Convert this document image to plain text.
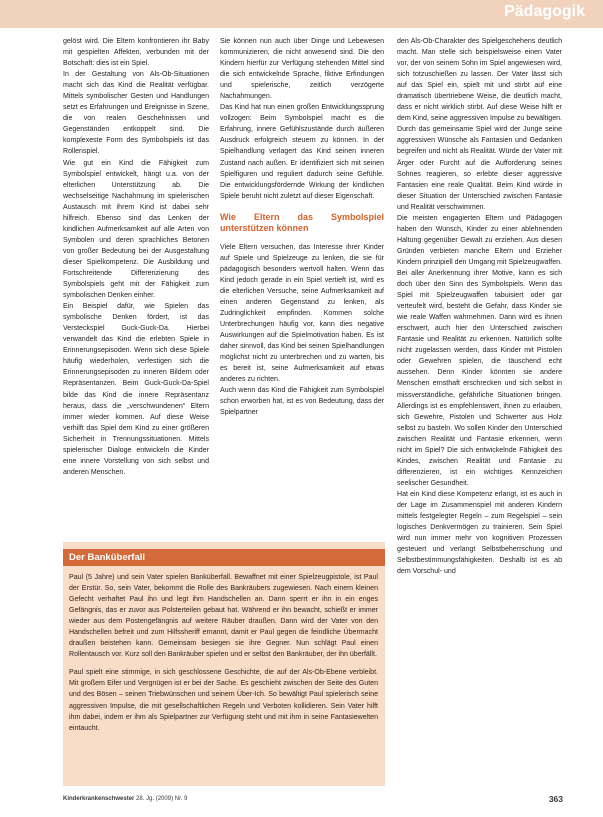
Pädagogik

gelöst wird. Die Eltern konfrontieren ihr Baby mit gespielten Affekten, verbunden mit der Botschaft: dies ist ein Spiel.

In der Gestaltung von Als-Ob-Situationen macht sich das Kind die Realität verfügbar. Mittels symbolischer Gesten und Handlungen setzt es Erfahrungen und Ereignisse in Szene, die von realen Geschehnissen und Gegenständen entkoppelt sind. Die komplexeste Form des Symbolspiels ist das Rollenspiel.

Wie gut ein Kind die Fähigkeit zum Symbolspiel entwickelt, hängt u.a. von der elterlichen Unterstützung ab. Die wechselseitige Nachahmung im spielerischen Austausch mit ihrem Kind ist dabei sehr hilfreich. Ebenso sind das Lenken der kindlichen Aufmerksamkeit auf alle Arten von Symbolen und deren sprachliches Betonen von großer Bedeutung bei der Ausgestaltung dieser Spielkompetenz. Die Ausbildung und Fortschreitende Differenzierung des Symbolspiels geht mit der Fähigkeit zum symbolischen Denken einher.

Ein Beispiel dafür, wie Spielen das symbolische Denken fördert, ist das Versteckspiel Guck-Guck-Da. Hierbei verwandelt das Kind die erlebten Spiele in Erinnerungsepisoden. Wenn sich diese Spiele häufig wiederholen, verfestigen sich die Erinnerungsepisoden zu inneren Bildern oder Repräsentanzen. Beim Guck-Guck-Da-Spiel bilde das Kind die innere Repräsentanz heraus, dass die „verschwundenen“ Eltern immer wieder kommen. Auf diese Weise verhilft das Spiel dem Kind zu einer größeren Sicherheit in Trennungssituationen. Mittels spielerischer Dialoge entwickeln die Kinder eine innere Vorstellung von sich selbst und anderen Menschen.

Sie können nun auch über Dinge und Lebewesen kommunizieren, die nicht anwesend sind. Die den Kindern hierfür zur Verfügung stehenden Mittel sind die sich entwickelnde Sprache, fiktive Erfindungen und spielerische, zeitlich verzögerte Nachahmungen.

Das Kind hat nun einen großen Entwicklungssprung vollzogen: Beim Symbolspiel macht es die Erfahrung, innere Gefühlszustände durch äußeren Ausdruck erfolgreich steuern zu können. In der Spielhandlung verlagert das Kind seinen inneren Zustand nach außen. Er identifiziert sich mit seinen Spielfiguren und reguliert dadurch seine Gefühle. Die entwicklungsfördernde Wirkung der kindlichen Spiele beruht nicht zuletzt auf dieser Eigenschaft.

Wie Eltern das Symbolspiel unterstützen können

Viele Eltern versuchen, das Interesse ihrer Kinder auf Spiele und Spielzeuge zu lenken, die sie für pädagogisch besonders wertvoll halten. Wenn das Kind jedoch gerade in ein Spiel vertieft ist, wird es die elterlichen Versuche, seine Aufmerksamkeit auf einen anderen Gegenstand zu lenken, als Zudringlichkeit empfinden. Kommen solche Unterbrechungen häufig vor, kann dies negative Auswirkungen auf die Spielmotivation haben. Es ist daher sinnvoll, das Kind bei seinen Spielhandlungen möglichst nicht zu unterbrechen und zu warten, bis es bereit ist, seine Aufmerksamkeit auf etwas anderes zu richten.

Auch wenn das Kind die Fähigkeit zum Symbolspiel schon erworben hat, ist es von Bedeutung, dass der Spielpartner

den Als-Ob-Charakter des Spielgeschehens deutlich macht. Man stelle sich beispielsweise einen Vater vor, der von seinem Sohn im Spiel angewiesen wird, sich totzuschießen zu lassen. Der Vater lässt sich auf das Spiel ein, spielt mit und stirbt auf eine dramatisch übertriebene Weise, die deutlich macht, dass er nicht wirklich stirbt. Auf diese Weise hilft er dem Kind, seine aggressiven Impulse zu bewältigen. Durch das gemeinsame Spiel wird der Junge seine aggressiven Wünsche als Fantasien und Gedanken begreifen und nicht als Realität. Würde der Vater mit Ärger oder Furcht auf die Aufforderung seines Sohnes reagieren, so erlebte dieser aggressive Fantasien eine reale Qualität. Beim Kind würde in dieser Situation der Unterschied zwischen Fantasie und Realität verschwimmen.

Die meisten engagierten Eltern und Pädagogen haben den Wunsch, Kinder zu einer ablehnenden Haltung gegenüber Gewalt zu erziehen. Aus diesen Gründen verbieten manche Eltern und Erzieher Kindern prinzipiell den Umgang mit Spielzeugwaffen. Bei aller Anerkennung ihrer Motive, kann es sich doch über den Sinn des Symbolspiels. Wenn das Spiel mit Spielzeugwaffen tabuisiert oder gar verteufelt wird, besteht die Gefahr, dass Kinder sie wie reale Waffen wahrnehmen. Dann wird es ihnen erschwert, auch hier den Unterschied zwischen Fantasie und Realität zu erkennen. Natürlich sollte nicht zugelassen werden, dass Kinder mit Pistolen oder Gewehren spielen, die täuschend echt aussehen. Denn Kinder könnten sie andere Menschen ernsthaft erschrecken und sich selbst in missverständliche, gefährliche Situationen bringen. Allerdings ist es empfehlenswert, ihnen zu erlauben, sich Gewehre, Pistolen und Schwerter aus Holz selbst zu basteln. Wo sollen Kinder den Unterschied zwischen Realität und Fantasie erkennen, wenn nicht im Spiel? Die sich entwickelnde Fähigkeit des Kindes, zwischen Realität und Fantasie zu differenzieren, ist ein wichtiges Kennzeichen seelischer Gesundheit.

Hat ein Kind diese Kompetenz erlangt, ist es auch in der Lage im Zusammenspiel mit anderen Kindern mittels festgelegter Regeln – zum Regelspiel – sein logisches Denkvermögen zu trainieren. Sein Spiel wird nun immer mehr von kognitiven Prozessen gesteuert und verlangt Selbstbeherrschung und Selbstbestimmungsfähigkeiten. Deshalb ist es ab dem Vorschul- und

Der Banküberfall

Paul (5 Jahre) und sein Vater spielen Banküberfall. Bewaffnet mit einer Spielzeugpistole, ist Paul der Erstür. So, sein Vater, bekommt die Rolle des Bankräubers zugewiesen. Nach einem kleinen Gefecht verhaftet Paul ihn und legt ihm Handschellen an. Dann sperrt er ihn in ein enges Gefängnis, das er zuvor aus Polsterteilen gebaut hat. Während er ihn bewacht, schießt er immer wieder aus dem Postengefängnis auf weitere Räuber draußen. Dann wird der Vater von den Handschellen befreit und zum Hilfssheriff ernannt, damit er Paul gegen die feindliche Übermacht draußen beistehen kann. Gemeinsam besiegen sie ihre Gegner. Nun schlägt Paul einen Rollentausch vor. Kurz soll den Bankräuber spielen und er selbst den Bankräuber, der ihn überfällt.

Paul spielt eine stimmige, in sich geschlossene Geschichte, die auf der Als-Ob-Ebene verbleibt. Mit großem Eifer und Vergnügen ist er bei der Sache. Es geschieht zwischen der Seite des Guten und des Bösen – seinen Triebwünschen und seinem Über-Ich. So bewältigt Paul spielerisch seine aggressiven Impulse, die mit gesellschaftlichen Regeln und Verboten kollidieren. Sein Vater hilft ihm dabei, indem er ihm als Spielpartner zur Verfügung steht und mit ihm in seine Fantasiewelten eintaucht.

Kinderkrankenschwester 28. Jg. (2009) Nr. 9	363
